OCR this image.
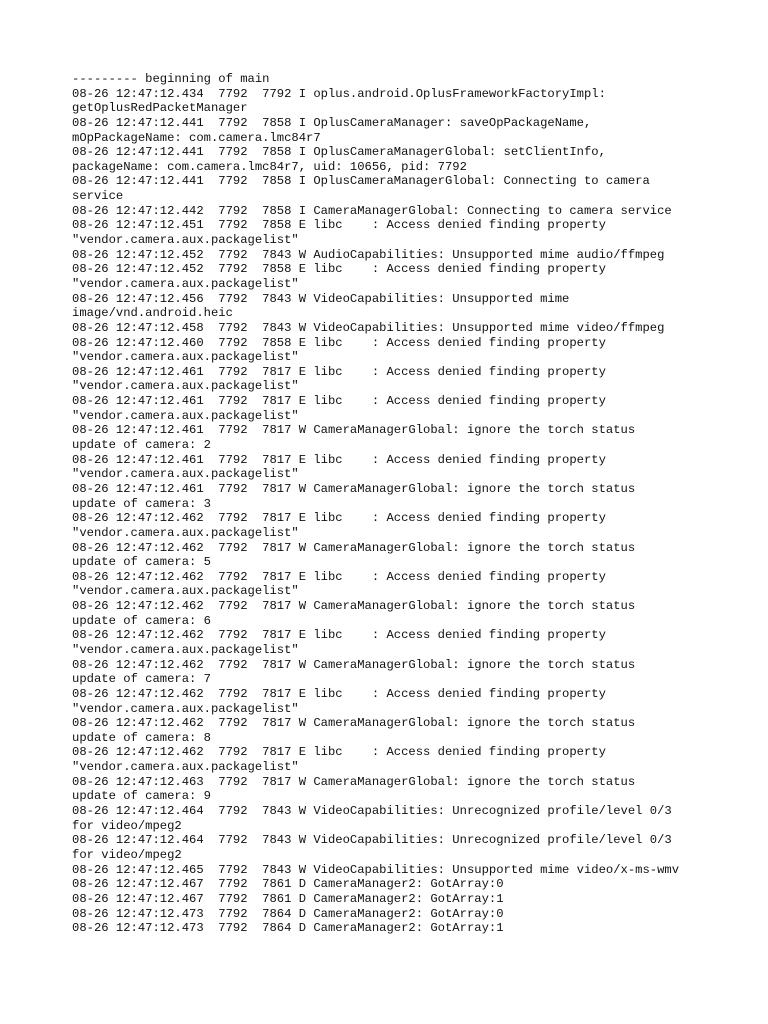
--------- beginning of main
08-26 12:47:12.434  7792  7792 I oplus.android.OplusFrameworkFactoryImpl:
getOplusRedPacketManager
08-26 12:47:12.441  7792  7858 I OplusCameraManager: saveOpPackageName,
mOpPackageName: com.camera.lmc84r7
08-26 12:47:12.441  7792  7858 I OplusCameraManagerGlobal: setClientInfo,
packageName: com.camera.lmc84r7, uid: 10656, pid: 7792
08-26 12:47:12.441  7792  7858 I OplusCameraManagerGlobal: Connecting to camera
service
08-26 12:47:12.442  7792  7858 I CameraManagerGlobal: Connecting to camera service
08-26 12:47:12.451  7792  7858 E libc    : Access denied finding property
"vendor.camera.aux.packagelist"
08-26 12:47:12.452  7792  7843 W AudioCapabilities: Unsupported mime audio/ffmpeg
08-26 12:47:12.452  7792  7858 E libc    : Access denied finding property
"vendor.camera.aux.packagelist"
08-26 12:47:12.456  7792  7843 W VideoCapabilities: Unsupported mime
image/vnd.android.heic
08-26 12:47:12.458  7792  7843 W VideoCapabilities: Unsupported mime video/ffmpeg
08-26 12:47:12.460  7792  7858 E libc    : Access denied finding property
"vendor.camera.aux.packagelist"
08-26 12:47:12.461  7792  7817 E libc    : Access denied finding property
"vendor.camera.aux.packagelist"
08-26 12:47:12.461  7792  7817 E libc    : Access denied finding property
"vendor.camera.aux.packagelist"
08-26 12:47:12.461  7792  7817 W CameraManagerGlobal: ignore the torch status
update of camera: 2
08-26 12:47:12.461  7792  7817 E libc    : Access denied finding property
"vendor.camera.aux.packagelist"
08-26 12:47:12.461  7792  7817 W CameraManagerGlobal: ignore the torch status
update of camera: 3
08-26 12:47:12.462  7792  7817 E libc    : Access denied finding property
"vendor.camera.aux.packagelist"
08-26 12:47:12.462  7792  7817 W CameraManagerGlobal: ignore the torch status
update of camera: 5
08-26 12:47:12.462  7792  7817 E libc    : Access denied finding property
"vendor.camera.aux.packagelist"
08-26 12:47:12.462  7792  7817 W CameraManagerGlobal: ignore the torch status
update of camera: 6
08-26 12:47:12.462  7792  7817 E libc    : Access denied finding property
"vendor.camera.aux.packagelist"
08-26 12:47:12.462  7792  7817 W CameraManagerGlobal: ignore the torch status
update of camera: 7
08-26 12:47:12.462  7792  7817 E libc    : Access denied finding property
"vendor.camera.aux.packagelist"
08-26 12:47:12.462  7792  7817 W CameraManagerGlobal: ignore the torch status
update of camera: 8
08-26 12:47:12.462  7792  7817 E libc    : Access denied finding property
"vendor.camera.aux.packagelist"
08-26 12:47:12.463  7792  7817 W CameraManagerGlobal: ignore the torch status
update of camera: 9
08-26 12:47:12.464  7792  7843 W VideoCapabilities: Unrecognized profile/level 0/3
for video/mpeg2
08-26 12:47:12.464  7792  7843 W VideoCapabilities: Unrecognized profile/level 0/3
for video/mpeg2
08-26 12:47:12.465  7792  7843 W VideoCapabilities: Unsupported mime video/x-ms-wmv
08-26 12:47:12.467  7792  7861 D CameraManager2: GotArray:0
08-26 12:47:12.467  7792  7861 D CameraManager2: GotArray:1
08-26 12:47:12.473  7792  7864 D CameraManager2: GotArray:0
08-26 12:47:12.473  7792  7864 D CameraManager2: GotArray:1
